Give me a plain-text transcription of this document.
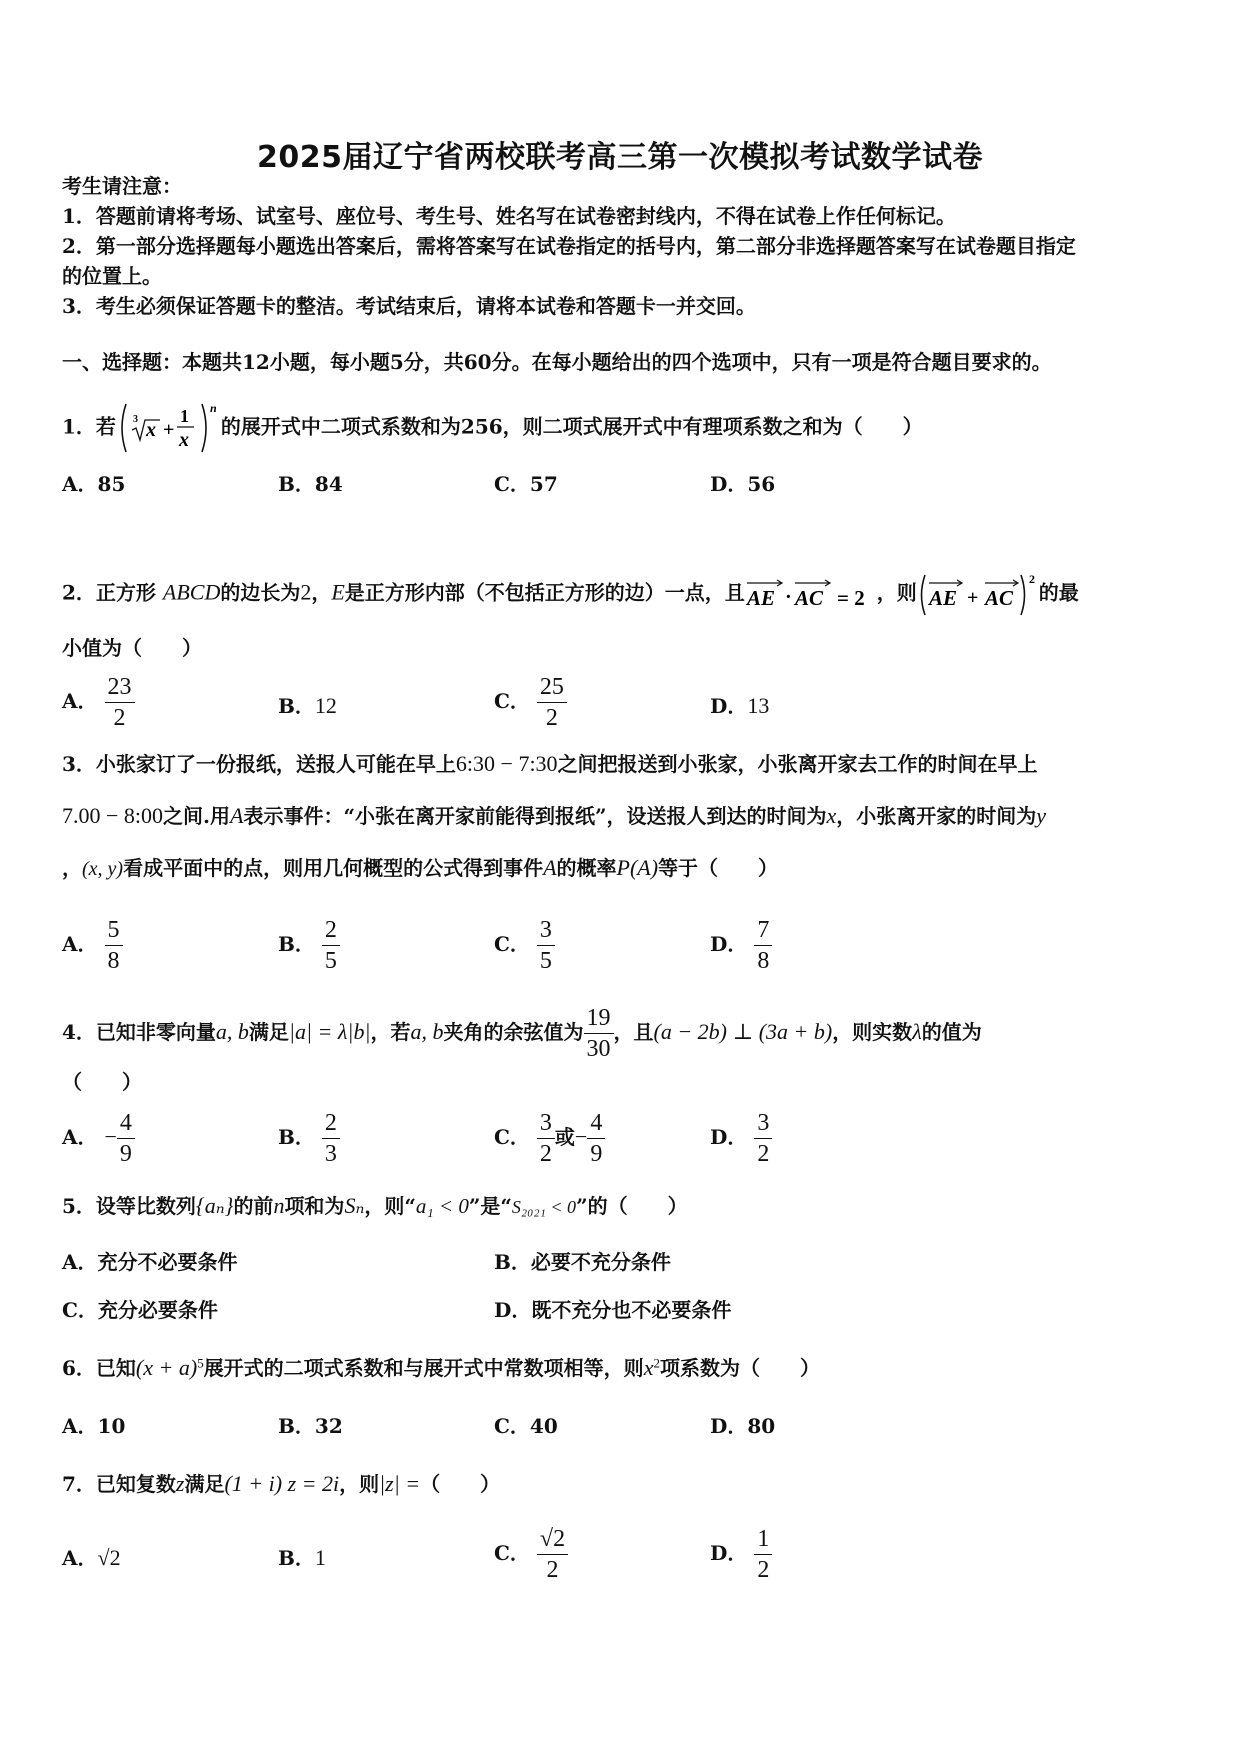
2025届辽宁省两校联考高三第一次模拟考试数学试卷
考生请注意：
1．答题前请将考场、试室号、座位号、考生号、姓名写在试卷密封线内，不得在试卷上作任何标记。
2．第一部分选择题每小题选出答案后，需将答案写在试卷指定的括号内，第二部分非选择题答案写在试卷题目指定
的位置上。
3．考生必须保证答题卡的整洁。考试结束后，请将本试卷和答题卡一并交回。
一、选择题：本题共12小题，每小题5分，共60分。在每小题给出的四个选项中，只有一项是符合题目要求的。
1．若 3 x +
1
x
n
的展开式中二项式系数和为256，则二项式展开式中有理项系数之和为（　　）
A．85	B．84	C．57	D．56
2．正方形 ABCD的边长为2，E是正方形内部（不包括正方形的边）一点，且 AE · AC = 2 ，则 AE + AC
2
的最
小值为（　　）
A． $\frac{23}{2}$	B．12	C． $\frac{25}{2}$	D．13
3．小张家订了一份报纸，送报人可能在早上6:30 − 7:30之间把报送到小张家，小张离开家去工作的时间在早上
7.00 − 8:00之间.用A表示事件：“小张在离开家前能得到报纸”，设送报人到达的时间为x，小张离开家的时间为y
，(x, y)看成平面中的点，则用几何概型的公式得到事件A的概率P(A)等于（　　）
A． $\frac{5}{8}$	B． $\frac{2}{5}$	C． $\frac{3}{5}$	D． $\frac{7}{8}$
4．已知非零向量a, b满足|a| = λ|b|，若a, b夹角的余弦值为 $\frac{19}{30}$ ，且(a − 2b) ⊥ (3a + b)，则实数λ的值为
（　　）
A． − $\frac{4}{9}$	B． $\frac{2}{3}$	C． $\frac{3}{2}$ 或− $\frac{4}{9}$	D． $\frac{3}{2}$
5．设等比数列{aₙ}的前n项和为Sₙ，则“a₁ < 0”是“S₂₀₂₁ < 0”的（　　）
A．充分不必要条件	B．必要不充分条件
C．充分必要条件	D．既不充分也不必要条件
6．已知$(x + a)^5$展开式的二项式系数和与展开式中常数项相等，则$x^2$项系数为（　　）
A．10	B．32	C．40	D．80
7．已知复数z满足(1 + i) z = 2i，则|z| =（　　）
A．√2	B．1	C． $\frac{√2}{2}$	D． $\frac{1}{2}$
